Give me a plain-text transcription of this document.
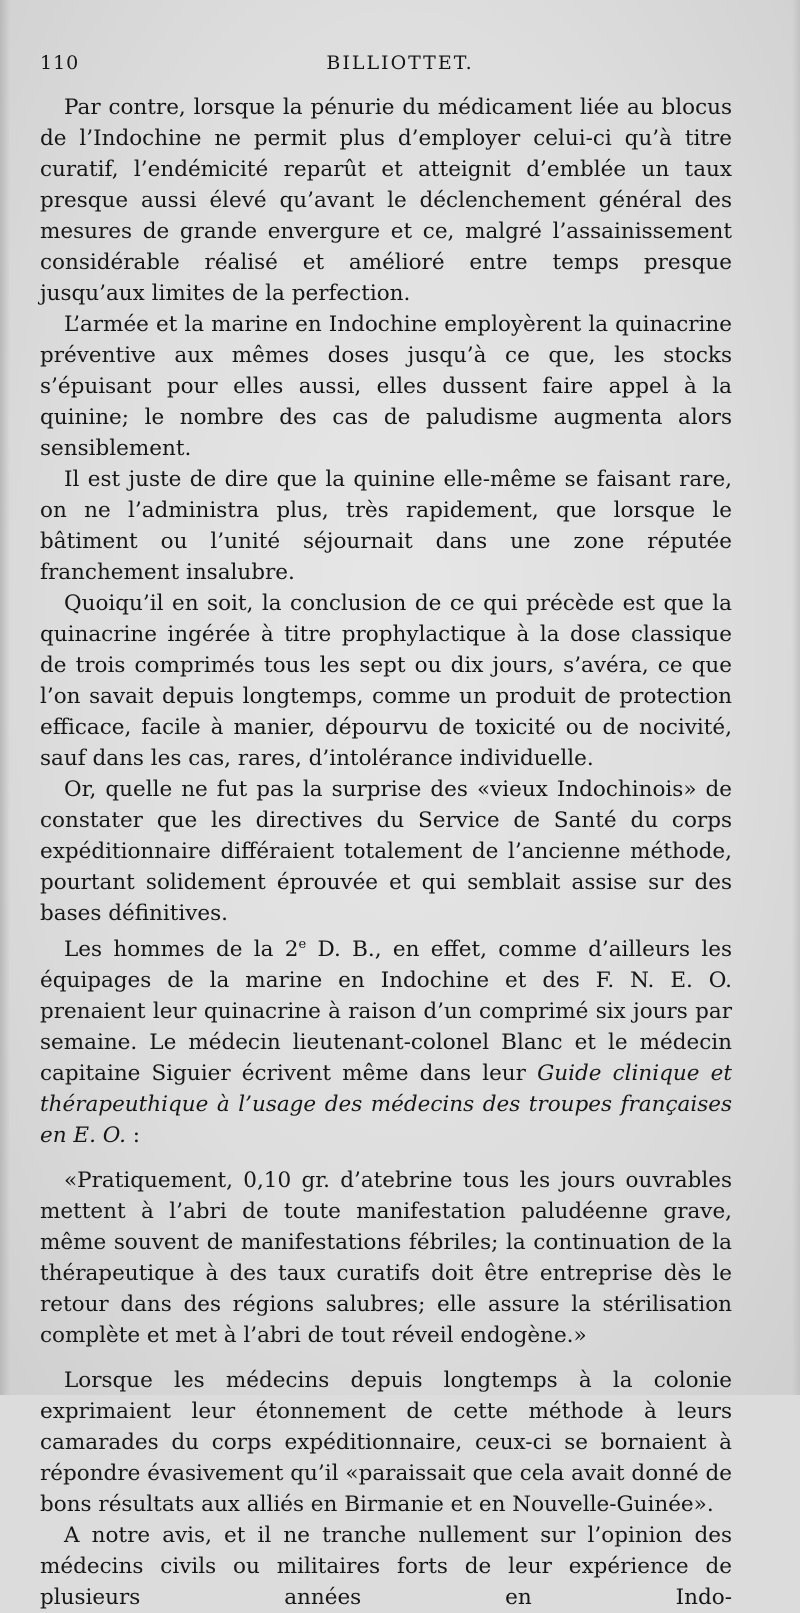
110	BILLIOTTET.

Par contre, lorsque la pénurie du médicament liée au blocus de l’Indochine ne permit plus d’employer celui-ci qu’à titre curatif, l’endémicité reparût et atteignit d’emblée un taux presque aussi élevé qu’avant le déclenchement général des mesures de grande envergure et ce, malgré l’assainissement considérable réalisé et amélioré entre temps presque jusqu’aux limites de la perfection.

L’armée et la marine en Indochine employèrent la quinacrine préventive aux mêmes doses jusqu’à ce que, les stocks s’épuisant pour elles aussi, elles dussent faire appel à la quinine; le nombre des cas de paludisme augmenta alors sensiblement.

Il est juste de dire que la quinine elle-même se faisant rare, on ne l’administra plus, très rapidement, que lorsque le bâtiment ou l’unité séjournait dans une zone réputée franchement insalubre.

Quoiqu’il en soit, la conclusion de ce qui précède est que la quinacrine ingérée à titre prophylactique à la dose classique de trois comprimés tous les sept ou dix jours, s’avéra, ce que l’on savait depuis longtemps, comme un produit de protection efficace, facile à manier, dépourvu de toxicité ou de nocivité, sauf dans les cas, rares, d’intolérance individuelle.

Or, quelle ne fut pas la surprise des «vieux Indochinois» de constater que les directives du Service de Santé du corps expéditionnaire différaient totalement de l’ancienne méthode, pourtant solidement éprouvée et qui semblait assise sur des bases définitives.

Les hommes de la 2e D. B., en effet, comme d’ailleurs les équipages de la marine en Indochine et des F. N. E. O. prenaient leur quinacrine à raison d’un comprimé six jours par semaine. Le médecin lieutenant-colonel Blanc et le médecin capitaine Siguier écrivent même dans leur Guide clinique et thérapeuthique à l’usage des médecins des troupes françaises en E. O. :

«Pratiquement, 0,10 gr. d’atebrine tous les jours ouvrables mettent à l’abri de toute manifestation paludéenne grave, même souvent de manifestations fébriles; la continuation de la thérapeutique à des taux curatifs doit être entreprise dès le retour dans des régions salubres; elle assure la stérilisation complète et met à l’abri de tout réveil endogène.»

Lorsque les médecins depuis longtemps à la colonie exprimaient leur étonnement de cette méthode à leurs camarades du corps expéditionnaire, ceux-ci se bornaient à répondre évasivement qu’il «paraissait que cela avait donné de bons résultats aux alliés en Birmanie et en Nouvelle-Guinée».

A notre avis, et il ne tranche nullement sur l’opinion des médecins civils ou militaires forts de leur expérience de plusieurs années en Indo-
